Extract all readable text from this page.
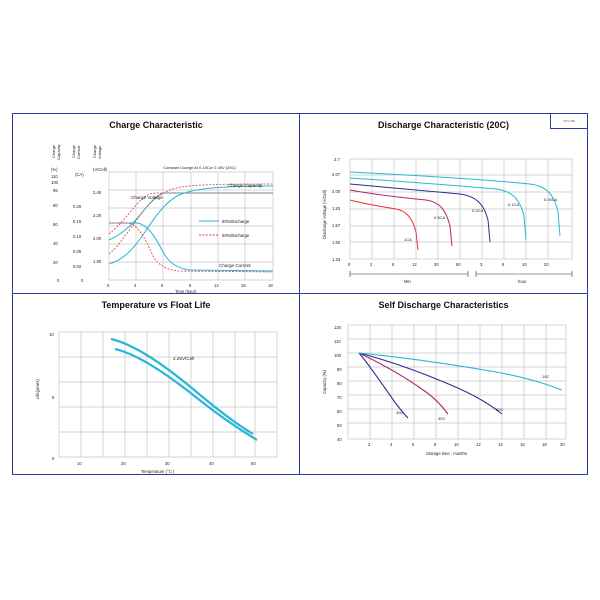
UPS-080
Charge Characteristic
Charge Capacity	Charge Current	Charge Voltage
(%)
(CA)
(V/Cell)
110
100
95
80
60
40
20
0
0.20
0.15
0.10
0.05
0.02
0
2.40
2.20
2.00
1.80
Constant Cuarge At 0.15Ca~2.40V (25C)
Charge Voltage
Charge Capacity
Charge Current
80%Discharge
50%Discharge
0	3	6	9	12	15	18
Time (hour)
Discharge Characteristic (20C)
Discharge Voltage (V/Cell)
2.7
2.07
2.00
1.83
1.67
1.50
1.33
1CA
0.5CA
0.2CA
0.1CA
0.05CA
0	2	6	12	30	60	3	6	10	20
Min	hour
Temperature vs Float Life
Life(years)
10
5
0
2.25V/Cell
10	20	30	40	50
Temperature (°C )
Self Discharge Characteristics
Capacity (%)
120
110
100
90
80
70
60
50
40
40C
30C
20C
10C
2	4	6	8	10	12	14	16	18	20
Storage time : months
